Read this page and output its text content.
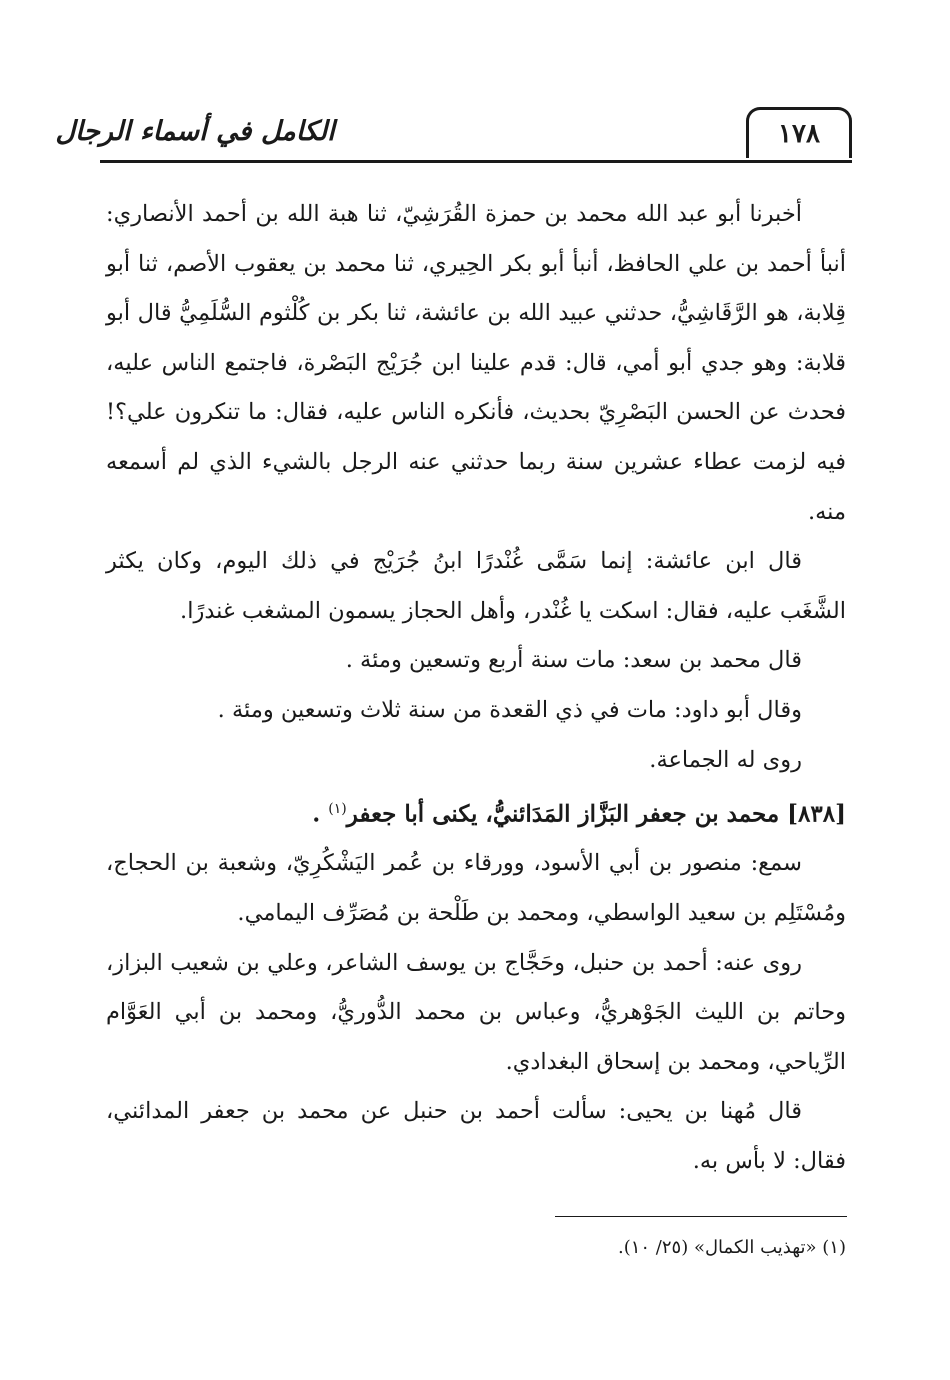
١٧٨
الكامل في أسماء الرجال

أخبرنا أبو عبد الله محمد بن حمزة القُرَشِيّ، ثنا هبة الله بن أحمد الأنصاري: أنبأ أحمد بن علي الحافظ، أنبأ أبو بكر الحِيري، ثنا محمد بن يعقوب الأصم، ثنا أبو قِلابة، هو الرَّقَاشِيُّ، حدثني عبيد الله بن عائشة، ثنا بكر بن كُلْثوم السُّلَمِيُّ قال أبو قلابة: وهو جدي أبو أمي، قال: قدم علينا ابن جُرَيْج البَصْرة، فاجتمع الناس عليه، فحدث عن الحسن البَصْرِيّ بحديث، فأنكره الناس عليه، فقال: ما تنكرون علي؟! فيه لزمت عطاء عشرين سنة ربما حدثني عنه الرجل بالشيء الذي لم أسمعه منه.

قال ابن عائشة: إنما سَمَّى غُنْدرًا ابنُ جُرَيْج في ذلك اليوم، وكان يكثر الشَّغَب عليه، فقال: اسكت يا غُنْدر، وأهل الحجاز يسمون المشغب غندرًا.

قال محمد بن سعد: مات سنة أربع وتسعين ومئة .

وقال أبو داود: مات في ذي القعدة من سنة ثلاث وتسعين ومئة .

روى له الجماعة.

[٨٣٨] محمد بن جعفر البَزَّاز المَدَائنيُّ، يكنى أبا جعفر$^{(١)}$ .

سمع: منصور بن أبي الأسود، وورقاء بن عُمر اليَشْكُرِيّ، وشعبة بن الحجاج، ومُسْتَلِم بن سعيد الواسطي، ومحمد بن طَلْحة بن مُصَرِّف اليمامي.

روى عنه: أحمد بن حنبل، وحَجَّاج بن يوسف الشاعر، وعلي بن شعيب البزاز، وحاتم بن الليث الجَوْهريُّ، وعباس بن محمد الدُّوريُّ، ومحمد بن أبي العَوَّام الرِّياحي، ومحمد بن إسحاق البغدادي.

قال مُهنا بن يحيى: سألت أحمد بن حنبل عن محمد بن جعفر المدائني، فقال: لا بأس به.

(١) «تهذيب الكمال» (٢٥/ ١٠).
